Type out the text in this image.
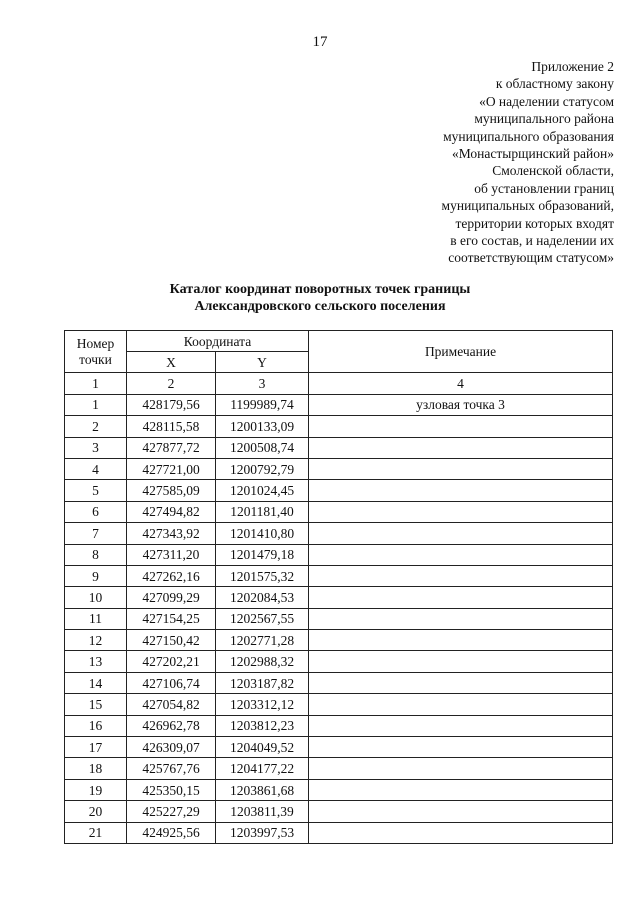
17
Приложение 2
к областному закону
«О наделении статусом
муниципального района
муниципального образования
«Монастырщинский район»
Смоленской области,
об установлении границ
муниципальных образований,
территории которых входят
в его состав, и наделении их
соответствующим статусом»
Каталог координат поворотных точек границы
Александровского сельского поселения
Номер точки	Координата		Примечание
	X	Y	
1	2	3	4
1	428179,56	1199989,74	узловая точка 3
2	428115,58	1200133,09	
3	427877,72	1200508,74	
4	427721,00	1200792,79	
5	427585,09	1201024,45	
6	427494,82	1201181,40	
7	427343,92	1201410,80	
8	427311,20	1201479,18	
9	427262,16	1201575,32	
10	427099,29	1202084,53	
11	427154,25	1202567,55	
12	427150,42	1202771,28	
13	427202,21	1202988,32	
14	427106,74	1203187,82	
15	427054,82	1203312,12	
16	426962,78	1203812,23	
17	426309,07	1204049,52	
18	425767,76	1204177,22	
19	425350,15	1203861,68	
20	425227,29	1203811,39	
21	424925,56	1203997,53	
